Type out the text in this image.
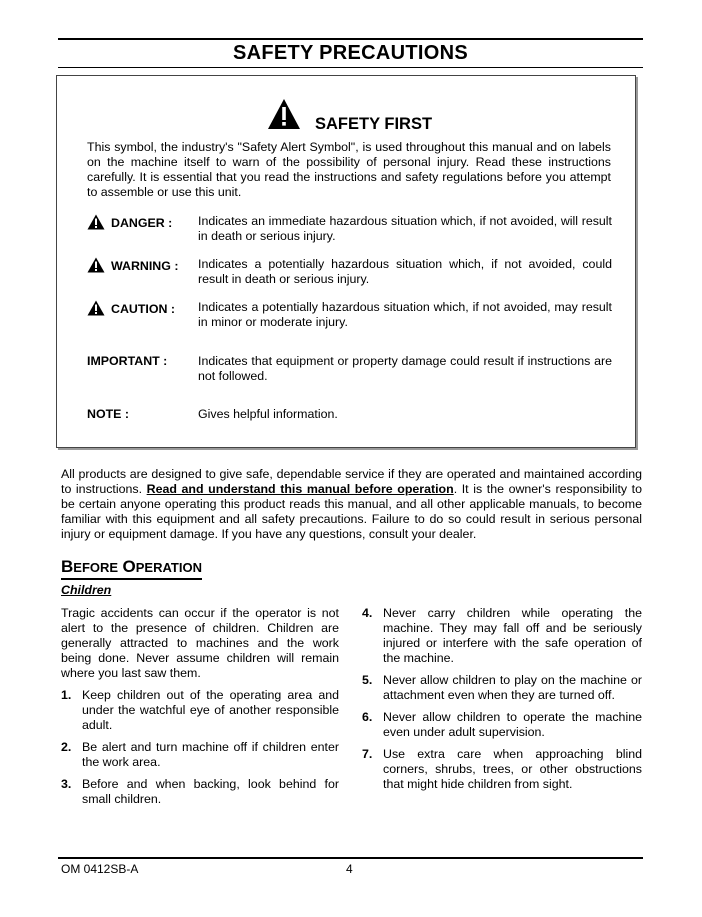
SAFETY PRECAUTIONS
SAFETY FIRST
This symbol, the industry's "Safety Alert Symbol", is used throughout this manual and on labels on the machine itself to warn of the possibility of personal injury. Read these instructions carefully. It is essential that you read the instructions and safety regulations before you attempt to assemble or use this unit.
DANGER : Indicates an immediate hazardous situation which, if not avoided, will result in death or serious injury.
WARNING : Indicates a potentially hazardous situation which, if not avoided, could result in death or serious injury.
CAUTION : Indicates a potentially hazardous situation which, if not avoided, may result in minor or moderate injury.
IMPORTANT : Indicates that equipment or property damage could result if instructions are not followed.
NOTE :	Gives helpful information.
All products are designed to give safe, dependable service if they are operated and maintained according to instructions. Read and understand this manual before operation. It is the owner's responsibility to be certain anyone operating this product reads this manual, and all other applicable manuals, to become familiar with this equipment and all safety precautions. Failure to do so could result in serious personal injury or equipment damage. If you have any questions, consult your dealer.
BEFORE OPERATION
Children

Tragic accidents can occur if the operator is not alert to the presence of children. Children are generally attracted to machines and the work being done. Never assume children will remain where you last saw them.

1. Keep children out of the operating area and under the watchful eye of another responsible adult.
2. Be alert and turn machine off if children enter the work area.
3. Before and when backing, look behind for small children.
4. Never carry children while operating the machine. They may fall off and be seriously injured or interfere with the safe operation of the machine.
5. Never allow children to play on the machine or attachment even when they are turned off.
6. Never allow children to operate the machine even under adult supervision.
7. Use extra care when approaching blind corners, shrubs, trees, or other obstructions that might hide children from sight.
OM 0412SB-A	4
